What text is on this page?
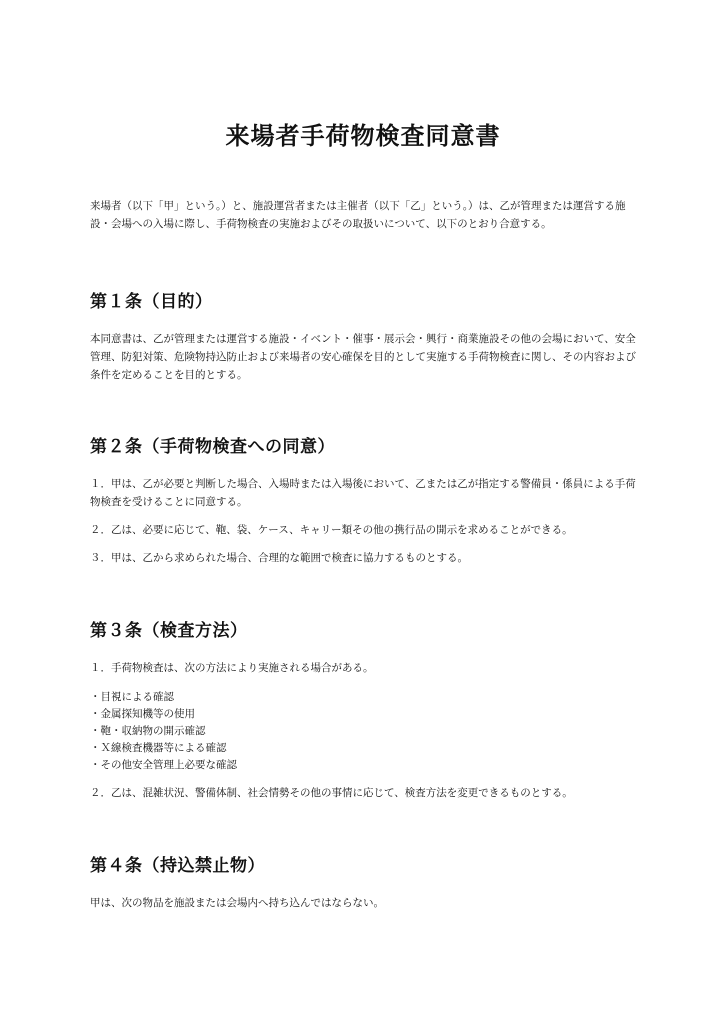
来場者手荷物検査同意書

来場者（以下「甲」という。）と、施設運営者または主催者（以下「乙」という。）は、乙が管理または運営する施設・会場への入場に際し、手荷物検査の実施およびその取扱いについて、以下のとおり合意する。

第１条（目的）

本同意書は、乙が管理または運営する施設・イベント・催事・展示会・興行・商業施設その他の会場において、安全管理、防犯対策、危険物持込防止および来場者の安心確保を目的として実施する手荷物検査に関し、その内容および条件を定めることを目的とする。

第２条（手荷物検査への同意）

１．甲は、乙が必要と判断した場合、入場時または入場後において、乙または乙が指定する警備員・係員による手荷物検査を受けることに同意する。

２．乙は、必要に応じて、鞄、袋、ケース、キャリー類その他の携行品の開示を求めることができる。

３．甲は、乙から求められた場合、合理的な範囲で検査に協力するものとする。

第３条（検査方法）

１．手荷物検査は、次の方法により実施される場合がある。

・目視による確認
・金属探知機等の使用
・鞄・収納物の開示確認
・Ｘ線検査機器等による確認
・その他安全管理上必要な確認

２．乙は、混雑状況、警備体制、社会情勢その他の事情に応じて、検査方法を変更できるものとする。

第４条（持込禁止物）

甲は、次の物品を施設または会場内へ持ち込んではならない。
